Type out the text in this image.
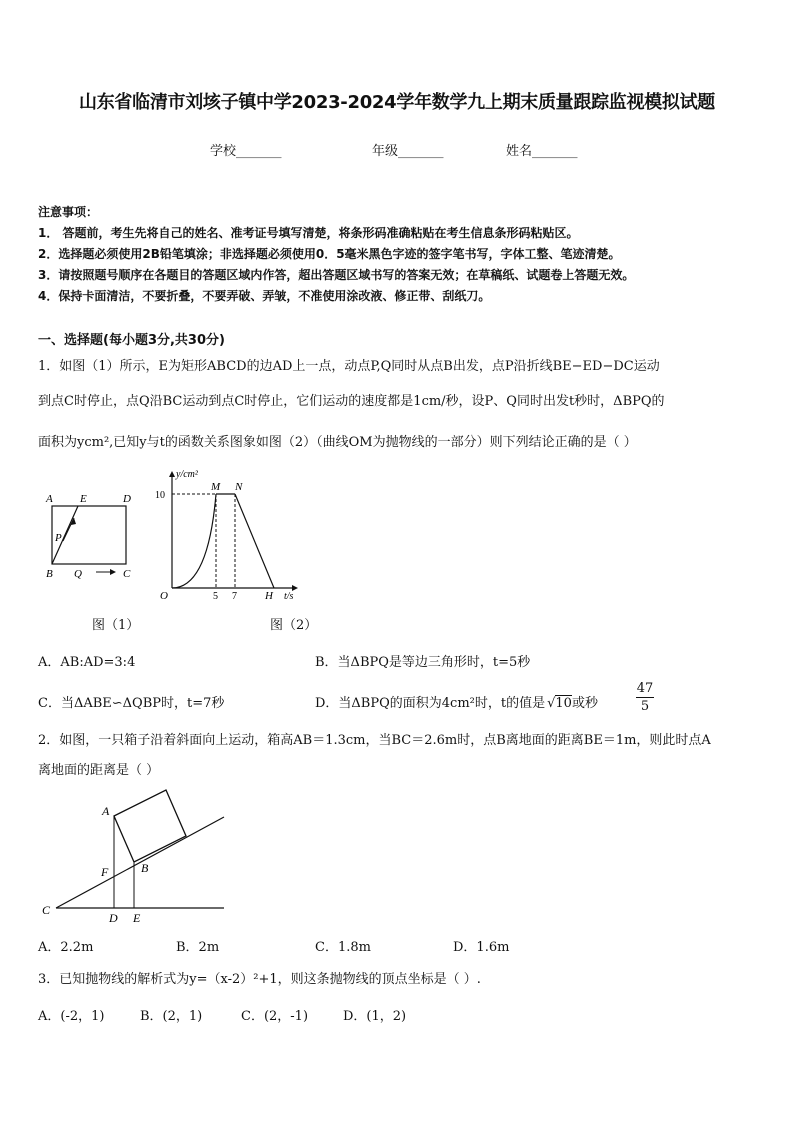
山东省临清市刘垓子镇中学2023-2024学年数学九上期末质量跟踪监视模拟试题
学校_______	年级_______	姓名_______
注意事项：
1． 答题前，考生先将自己的姓名、准考证号填写清楚，将条形码准确粘贴在考生信息条形码粘贴区。
2．选择题必须使用2B铅笔填涂；非选择题必须使用0．5毫米黑色字迹的签字笔书写，字体工整、笔迹清楚。
3．请按照题号顺序在各题目的答题区域内作答，超出答题区域书写的答案无效；在草稿纸、试题卷上答题无效。
4．保持卡面清洁，不要折叠，不要弄破、弄皱，不准使用涂改液、修正带、刮纸刀。
一、选择题(每小题3分,共30分)
1．如图（1）所示，E为矩形ABCD的边AD上一点，动点P,Q同时从点B出发，点P沿折线BE−ED−DC运动
到点C时停止，点Q沿BC运动到点C时停止，它们运动的速度都是1cm/秒，设P、Q同时出发t秒时，ΔBPQ的
面积为ycm²,已知y与t的函数关系图象如图（2）（曲线OM为抛物线的一部分）则下列结论正确的是（ ）
A E	D
P
B Q	C
y/cm²
10
M N
O	5 7	H t/s
图（1）	图（2）
A．AB:AD=3:4	B．当ΔBPQ是等边三角形时，t=5秒
C．当ΔABE∽ΔQBP时，t=7秒	D．当ΔBPQ的面积为4cm²时，t的值是 √10或秒	$\frac{47}{5}$
2．如图，一只箱子沿着斜面向上运动，箱高AB＝1.3cm，当BC＝2.6m时，点B离地面的距离BE＝1m，则此时点A
离地面的距离是（ ）
A
F	B
C
D E
A．2.2m	B．2m	C．1.8m	D．1.6m
3．已知抛物线的解析式为y=（x-2）²+1，则这条抛物线的顶点坐标是（ ）.
A．(-2，1)	B．(2，1)	C．(2，-1)	D．(1，2)
